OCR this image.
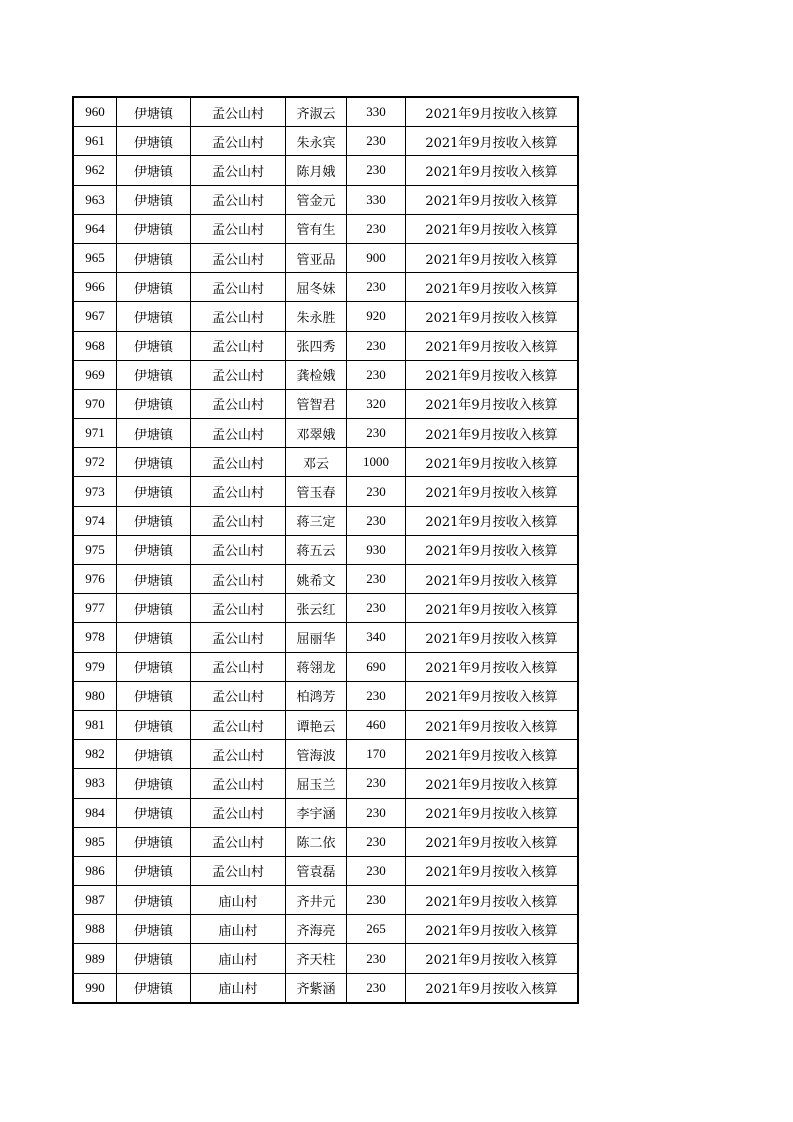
960	伊塘镇	孟公山村	齐淑云	330	2021年9月按收入核算
961	伊塘镇	孟公山村	朱永宾	230	2021年9月按收入核算
962	伊塘镇	孟公山村	陈月娥	230	2021年9月按收入核算
963	伊塘镇	孟公山村	管金元	330	2021年9月按收入核算
964	伊塘镇	孟公山村	管有生	230	2021年9月按收入核算
965	伊塘镇	孟公山村	管亚品	900	2021年9月按收入核算
966	伊塘镇	孟公山村	屈冬妹	230	2021年9月按收入核算
967	伊塘镇	孟公山村	朱永胜	920	2021年9月按收入核算
968	伊塘镇	孟公山村	张四秀	230	2021年9月按收入核算
969	伊塘镇	孟公山村	龚检娥	230	2021年9月按收入核算
970	伊塘镇	孟公山村	管智君	320	2021年9月按收入核算
971	伊塘镇	孟公山村	邓翠娥	230	2021年9月按收入核算
972	伊塘镇	孟公山村	邓云	1000	2021年9月按收入核算
973	伊塘镇	孟公山村	管玉春	230	2021年9月按收入核算
974	伊塘镇	孟公山村	蒋三定	230	2021年9月按收入核算
975	伊塘镇	孟公山村	蒋五云	930	2021年9月按收入核算
976	伊塘镇	孟公山村	姚希文	230	2021年9月按收入核算
977	伊塘镇	孟公山村	张云红	230	2021年9月按收入核算
978	伊塘镇	孟公山村	屈丽华	340	2021年9月按收入核算
979	伊塘镇	孟公山村	蒋翎龙	690	2021年9月按收入核算
980	伊塘镇	孟公山村	柏鸿芳	230	2021年9月按收入核算
981	伊塘镇	孟公山村	谭艳云	460	2021年9月按收入核算
982	伊塘镇	孟公山村	管海波	170	2021年9月按收入核算
983	伊塘镇	孟公山村	屈玉兰	230	2021年9月按收入核算
984	伊塘镇	孟公山村	李宇涵	230	2021年9月按收入核算
985	伊塘镇	孟公山村	陈二依	230	2021年9月按收入核算
986	伊塘镇	孟公山村	管袁磊	230	2021年9月按收入核算
987	伊塘镇	庙山村	齐井元	230	2021年9月按收入核算
988	伊塘镇	庙山村	齐海亮	265	2021年9月按收入核算
989	伊塘镇	庙山村	齐天柱	230	2021年9月按收入核算
990	伊塘镇	庙山村	齐紫涵	230	2021年9月按收入核算
